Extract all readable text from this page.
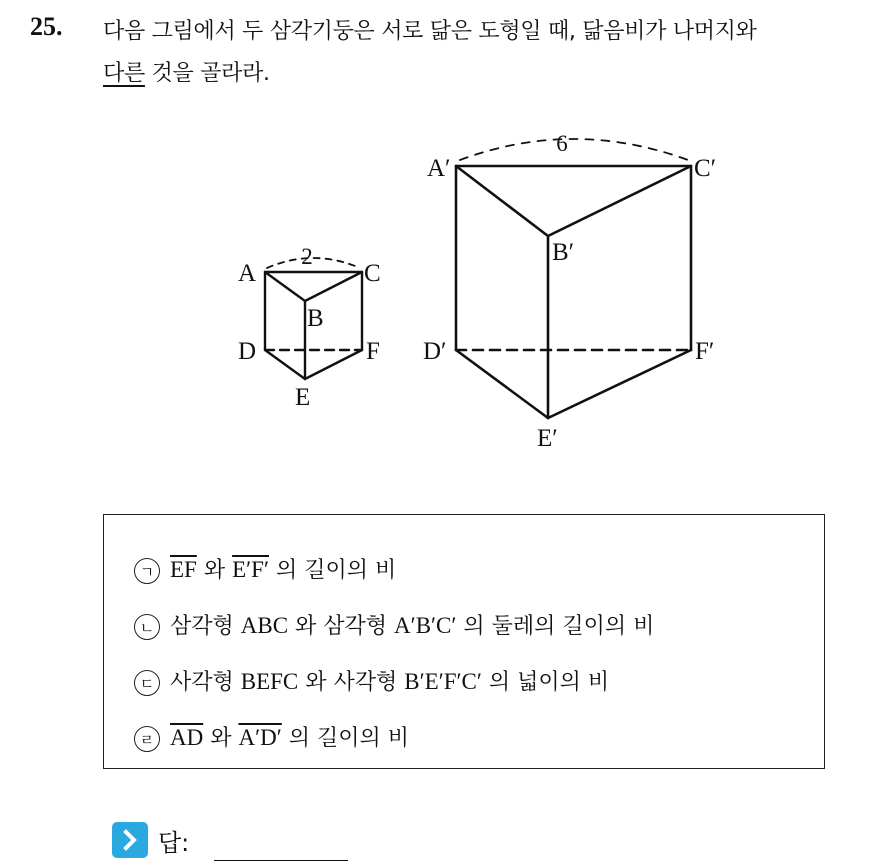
25. 다음 그림에서 두 삼각기둥은 서로 닮은 도형일 때, 닮음비가 나머지와
다른 것을 골라라.
2
A	C
B
D	F
E
6
A′	C′
B′
D′	F′
E′
ㄱ $\overline{EF}$ 와 E′F′ 의 길이의 비
ㄴ 삼각형 ABC 와 삼각형 A′B′C′ 의 둘레의 길이의 비
ㄷ 사각형 BEFC 와 사각형 B′E′F′C′ 의 넓이의 비
ㄹ $\overline{AD}$ 와 A′D′ 의 길이의 비
답:
